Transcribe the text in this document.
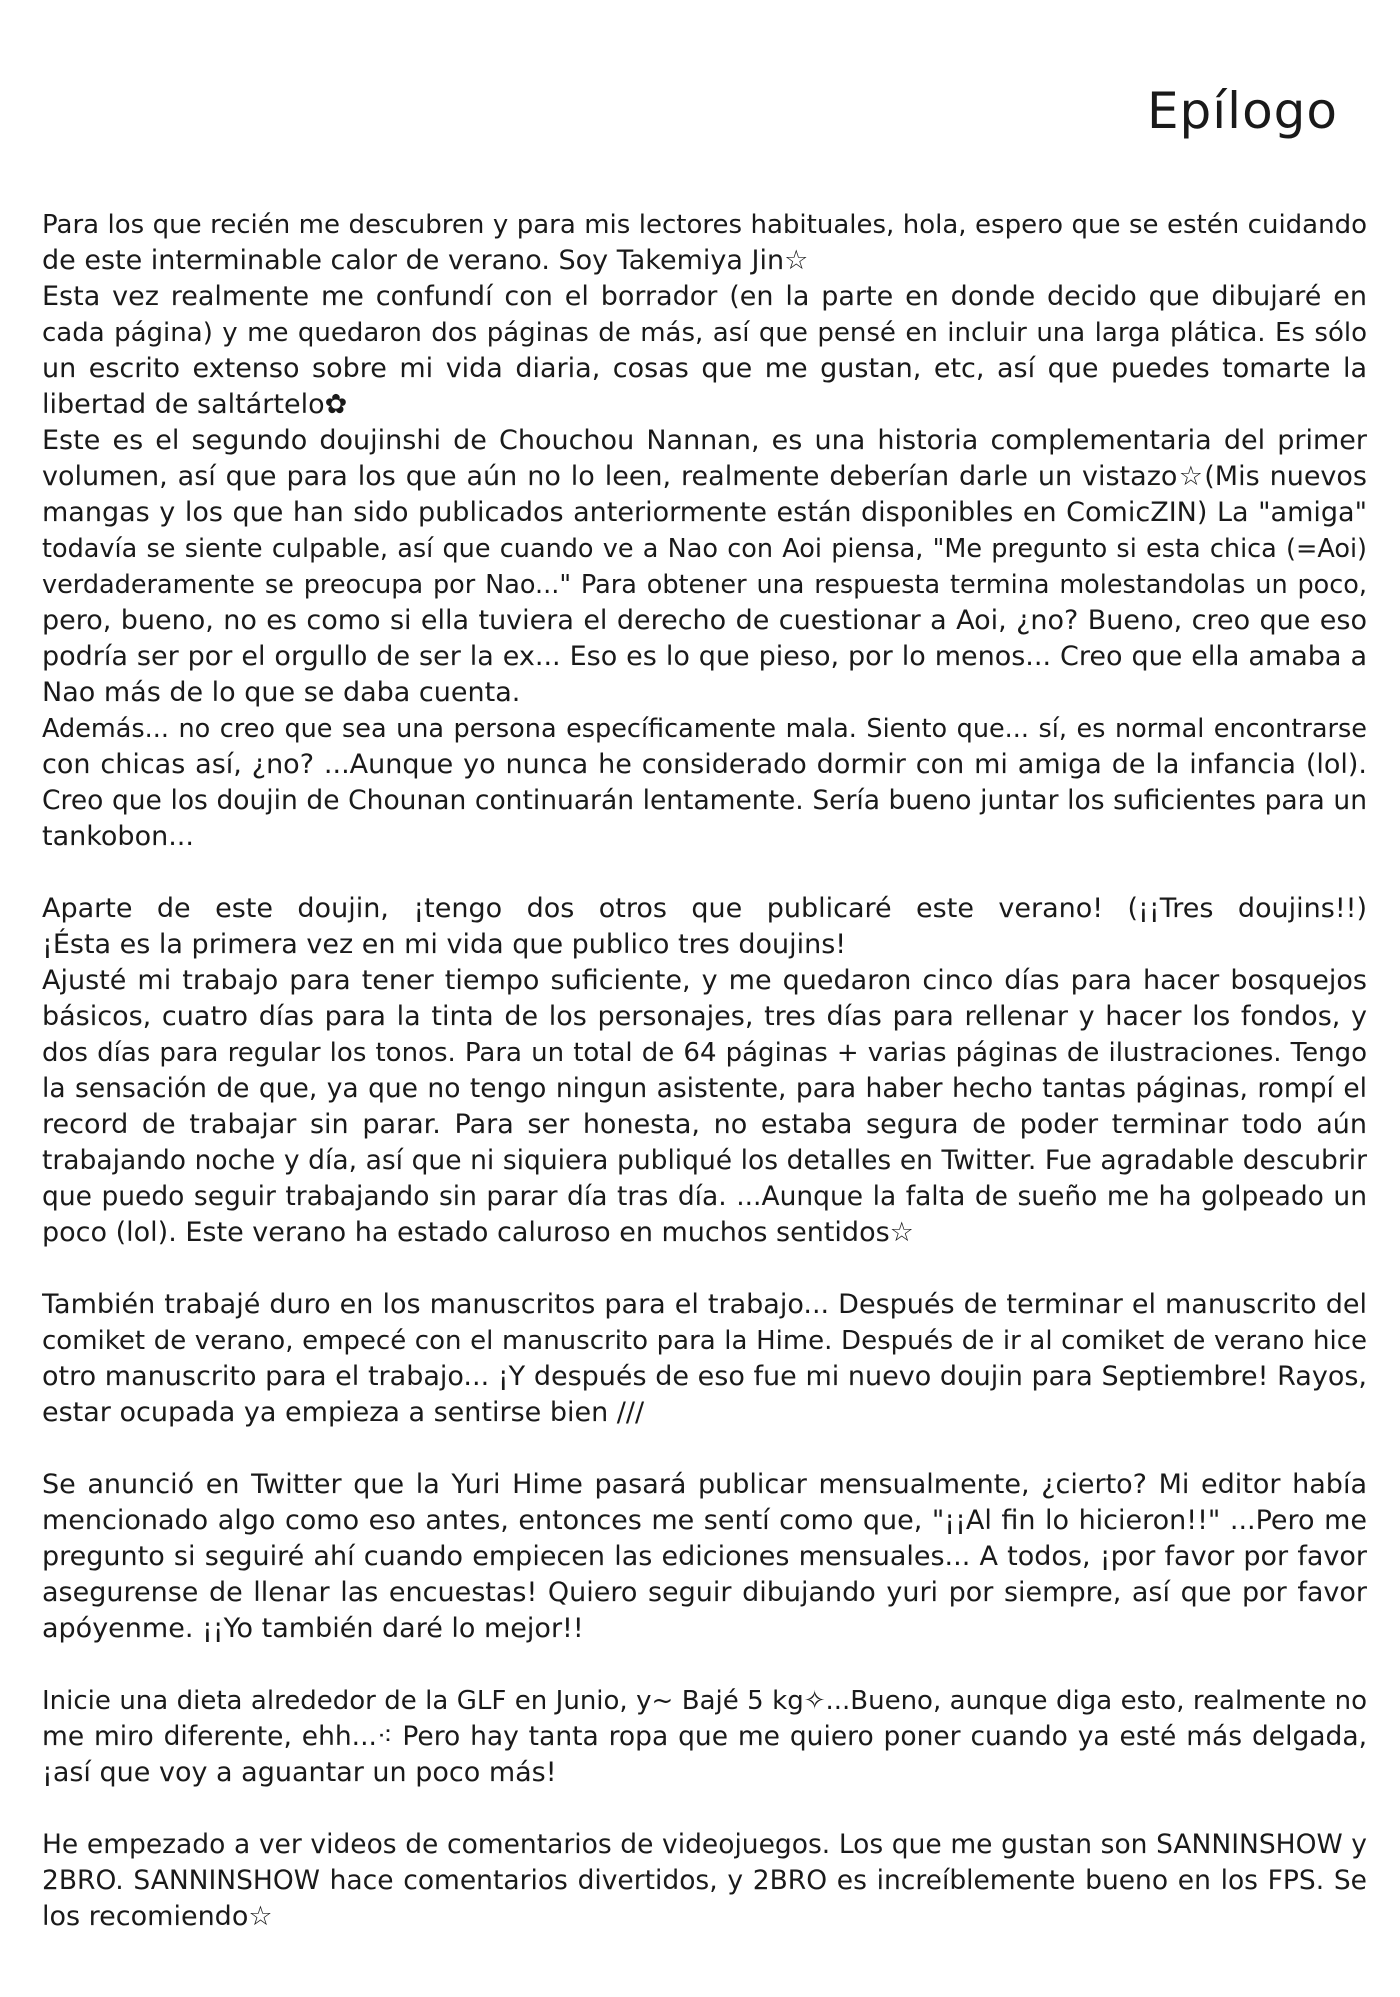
Epílogo
Para los que recién me descubren y para mis lectores habituales, hola, espero que se estén cuidando
de este interminable calor de verano. Soy Takemiya Jin☆
Esta vez realmente me confundí con el borrador (en la parte en donde decido que dibujaré en
cada página) y me quedaron dos páginas de más, así que pensé en incluir una larga plática. Es sólo
un escrito extenso sobre mi vida diaria, cosas que me gustan, etc, así que puedes tomarte la
libertad de saltártelo✿
Este es el segundo doujinshi de Chouchou Nannan, es una historia complementaria del primer
volumen, así que para los que aún no lo leen, realmente deberían darle un vistazo☆(Mis nuevos
mangas y los que han sido publicados anteriormente están disponibles en ComicZIN) La "amiga"
todavía se siente culpable, así que cuando ve a Nao con Aoi piensa, "Me pregunto si esta chica (=Aoi)
verdaderamente se preocupa por Nao..." Para obtener una respuesta termina molestandolas un poco,
pero, bueno, no es como si ella tuviera el derecho de cuestionar a Aoi, ¿no? Bueno, creo que eso
podría ser por el orgullo de ser la ex... Eso es lo que pieso, por lo menos... Creo que ella amaba a
Nao más de lo que se daba cuenta.
Además... no creo que sea una persona específicamente mala. Siento que... sí, es normal encontrarse
con chicas así, ¿no? ...Aunque yo nunca he considerado dormir con mi amiga de la infancia (lol).
Creo que los doujin de Chounan continuarán lentamente. Sería bueno juntar los suficientes para un
tankobon...
Aparte de este doujin, ¡tengo dos otros que publicaré este verano! (¡¡Tres doujins!!)
¡Ésta es la primera vez en mi vida que publico tres doujins!
Ajusté mi trabajo para tener tiempo suficiente, y me quedaron cinco días para hacer bosquejos
básicos, cuatro días para la tinta de los personajes, tres días para rellenar y hacer los fondos, y
dos días para regular los tonos. Para un total de 64 páginas + varias páginas de ilustraciones. Tengo
la sensación de que, ya que no tengo ningun asistente, para haber hecho tantas páginas, rompí el
record de trabajar sin parar. Para ser honesta, no estaba segura de poder terminar todo aún
trabajando noche y día, así que ni siquiera publiqué los detalles en Twitter. Fue agradable descubrir
que puedo seguir trabajando sin parar día tras día. ...Aunque la falta de sueño me ha golpeado un
poco (lol). Este verano ha estado caluroso en muchos sentidos☆
También trabajé duro en los manuscritos para el trabajo... Después de terminar el manuscrito del
comiket de verano, empecé con el manuscrito para la Hime. Después de ir al comiket de verano hice
otro manuscrito para el trabajo... ¡Y después de eso fue mi nuevo doujin para Septiembre! Rayos,
estar ocupada ya empieza a sentirse bien ///
Se anunció en Twitter que la Yuri Hime pasará publicar mensualmente, ¿cierto? Mi editor había
mencionado algo como eso antes, entonces me sentí como que, "¡¡Al fin lo hicieron!!" ...Pero me
pregunto si seguiré ahí cuando empiecen las ediciones mensuales... A todos, ¡por favor por favor
asegurense de llenar las encuestas! Quiero seguir dibujando yuri por siempre, así que por favor
apóyenme. ¡¡Yo también daré lo mejor!!
Inicie una dieta alrededor de la GLF en Junio, y~ Bajé 5 kg✧...Bueno, aunque diga esto, realmente no
me miro diferente, ehh...⁖ Pero hay tanta ropa que me quiero poner cuando ya esté más delgada,
¡así que voy a aguantar un poco más!
He empezado a ver videos de comentarios de videojuegos. Los que me gustan son SANNINSHOW y
2BRO. SANNINSHOW hace comentarios divertidos, y 2BRO es increíblemente bueno en los FPS. Se
los recomiendo☆
